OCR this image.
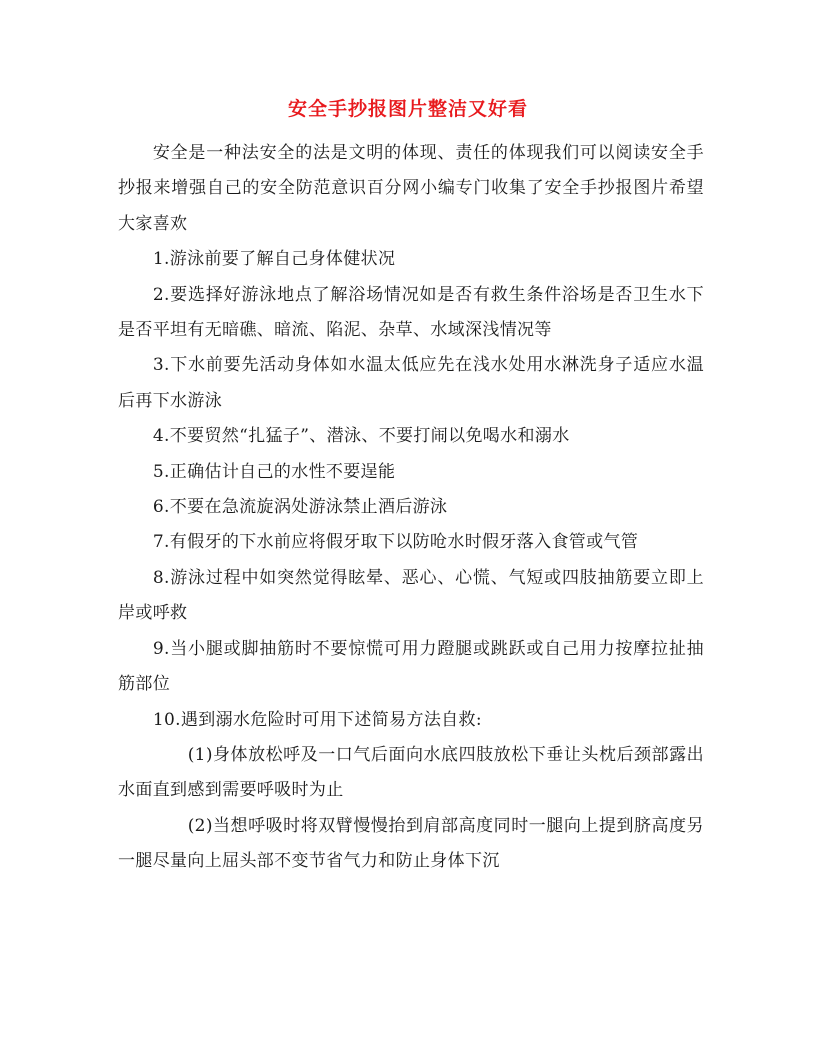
安全手抄报图片整洁又好看

安全是一种法安全的法是文明的体现、责任的体现我们可以阅读安全手抄报来增强自己的安全防范意识百分网小编专门收集了安全手抄报图片希望大家喜欢

1.游泳前要了解自己身体健状况

2.要选择好游泳地点了解浴场情况如是否有救生条件浴场是否卫生水下是否平坦有无暗礁、暗流、陷泥、杂草、水域深浅情况等

3.下水前要先活动身体如水温太低应先在浅水处用水淋洗身子适应水温后再下水游泳

4.不要贸然“扎猛子”、潜泳、不要打闹以免喝水和溺水

5.正确估计自己的水性不要逞能

6.不要在急流旋涡处游泳禁止酒后游泳

7.有假牙的下水前应将假牙取下以防呛水时假牙落入食管或气管

8.游泳过程中如突然觉得眩晕、恶心、心慌、气短或四肢抽筋要立即上岸或呼救

9.当小腿或脚抽筋时不要惊慌可用力蹬腿或跳跃或自己用力按摩拉扯抽筋部位

10.遇到溺水危险时可用下述简易方法自救:

(1)身体放松呼及一口气后面向水底四肢放松下垂让头枕后颈部露出水面直到感到需要呼吸时为止

(2)当想呼吸时将双臂慢慢抬到肩部高度同时一腿向上提到脐高度另一腿尽量向上屈头部不变节省气力和防止身体下沉
